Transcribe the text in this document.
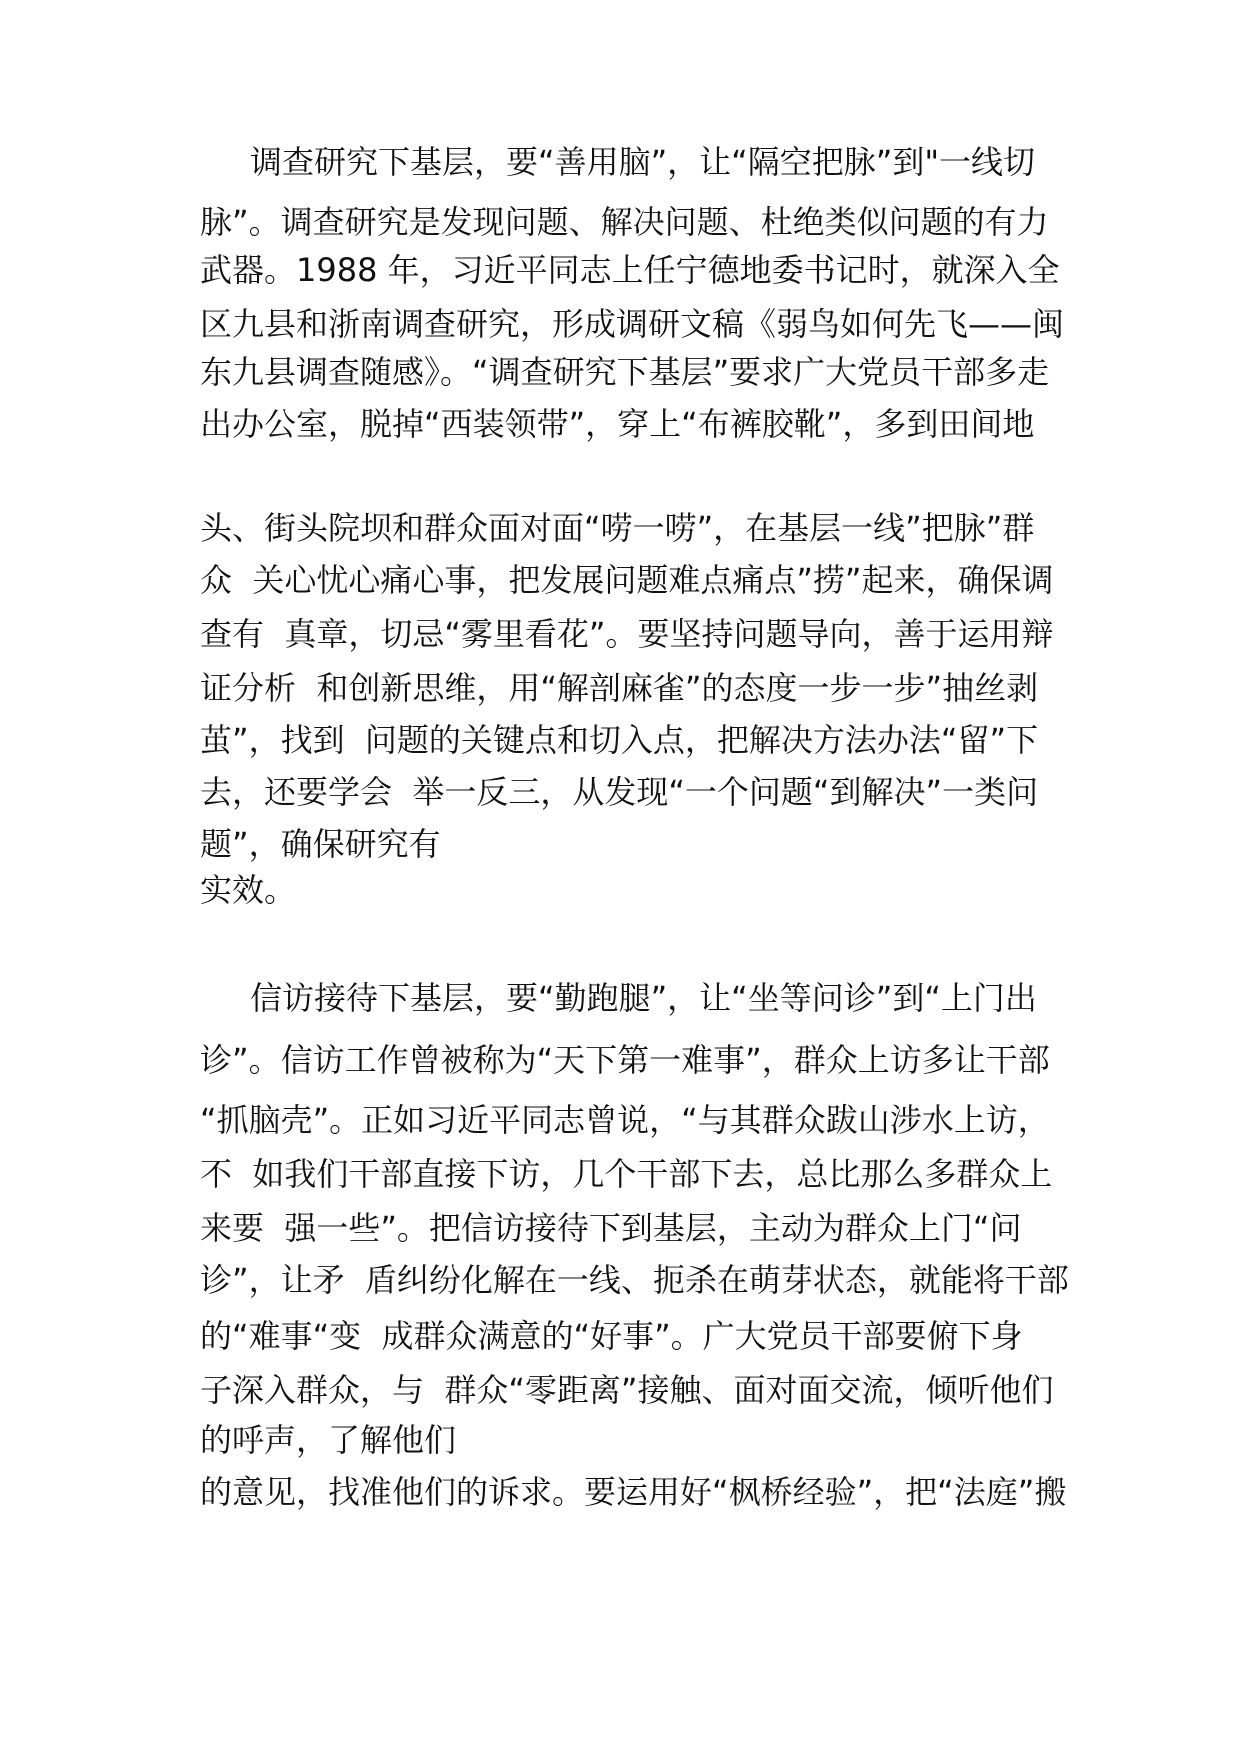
调查研究下基层，要“善用脑”，让“隔空把脉”到"一线切
脉”。调查研究是发现问题、解决问题、杜绝类似问题的有力
武器。1988 年，习近平同志上任宁德地委书记时，就深入全
区九县和浙南调查研究，形成调研文稿《弱鸟如何先飞——闽
东九县调查随感》。“调查研究下基层”要求广大党员干部多走
出办公室，脱掉“西装领带”，穿上“布裤胶靴”，多到田间地
头、街头院坝和群众面对面“唠一唠”，在基层一线”把脉”群
众  关心忧心痛心事，把发展问题难点痛点”捞”起来，确保调
查有  真章，切忌“雾里看花”。要坚持问题导向，善于运用辩
证分析  和创新思维，用“解剖麻雀”的态度一步一步”抽丝剥
茧”，找到  问题的关键点和切入点，把解决方法办法“留”下
去，还要学会  举一反三，从发现“一个问题“到解决”一类问
题”，确保研究有
实效。
信访接待下基层，要“勤跑腿”，让“坐等问诊”到“上门出
诊”。信访工作曾被称为“天下第一难事”，群众上访多让干部
“抓脑壳”。正如习近平同志曾说，“与其群众跋山涉水上访，
不  如我们干部直接下访，几个干部下去，总比那么多群众上
来要  强一些”。把信访接待下到基层，主动为群众上门“问
诊”，让矛  盾纠纷化解在一线、扼杀在萌芽状态，就能将干部
的“难事“变  成群众满意的“好事”。广大党员干部要俯下身
子深入群众，与  群众“零距离”接触、面对面交流，倾听他们
的呼声，了解他们
的意见，找准他们的诉求。要运用好“枫桥经验”，把“法庭”搬
